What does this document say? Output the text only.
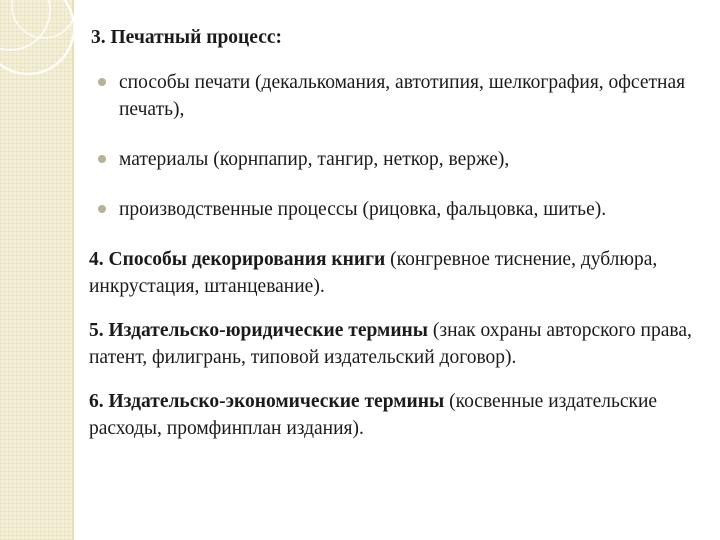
3. Печатный процесс:
способы печати (декалькомания, автотипия, шелкография, офсетная печать),
материалы (корнпапир, тангир, неткор, верже),
производственные процессы (рицовка, фальцовка, шитье).
4. Способы декорирования книги (конгревное тиснение, дублюра, инкрустация, штанцевание).
5. Издательско-юридические термины (знак охраны авторского права, патент, филигрань, типовой издательский договор).
6. Издательско-экономические термины (косвенные издательские расходы, промфинплан издания).
